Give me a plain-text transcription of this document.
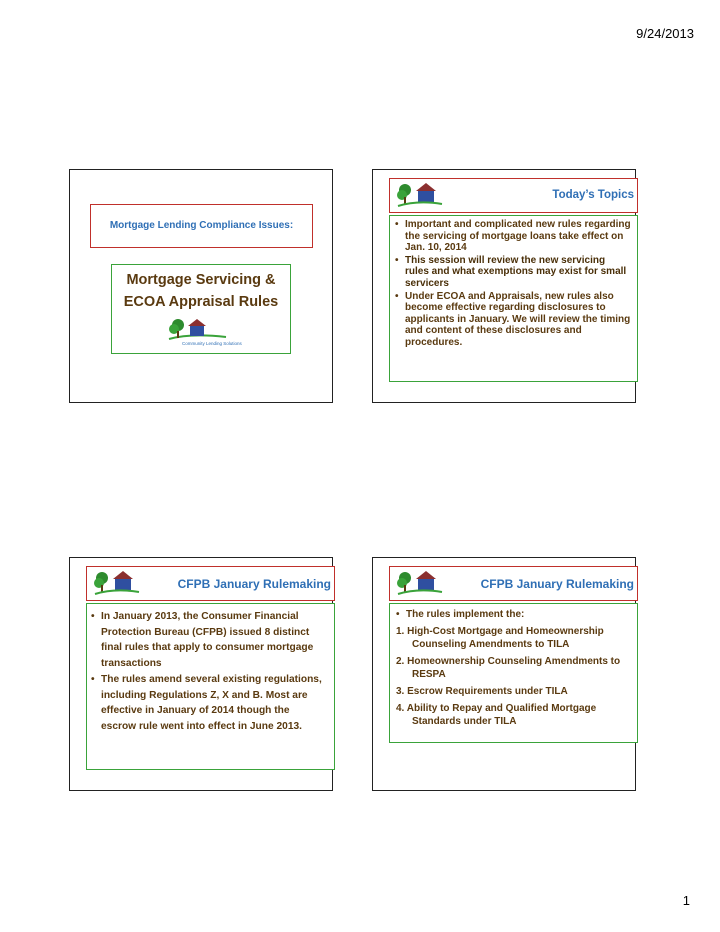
9/24/2013
Mortgage Lending Compliance Issues:
Mortgage Servicing &
ECOA Appraisal Rules
Community Lending Solutions
Today’s Topics
• Important and complicated new rules regarding the servicing of mortgage loans take effect on Jan. 10, 2014
• This session will review the new servicing rules and what exemptions may exist for small servicers
• Under ECOA and Appraisals, new rules also become effective regarding disclosures to applicants in January. We will review the timing and content of these disclosures and procedures.
CFPB January Rulemaking
• In January 2013, the Consumer Financial Protection Bureau (CFPB) issued 8 distinct final rules that apply to consumer mortgage transactions
• The rules amend several existing regulations, including Regulations Z, X and B. Most are effective in January of 2014 though the escrow rule went into effect in June 2013.
CFPB January Rulemaking
• The rules implement the:
1. High-Cost Mortgage and Homeownership Counseling Amendments to TILA
2. Homeownership Counseling Amendments to RESPA
3. Escrow Requirements under TILA
4. Ability to Repay and Qualified Mortgage Standards under TILA
1
